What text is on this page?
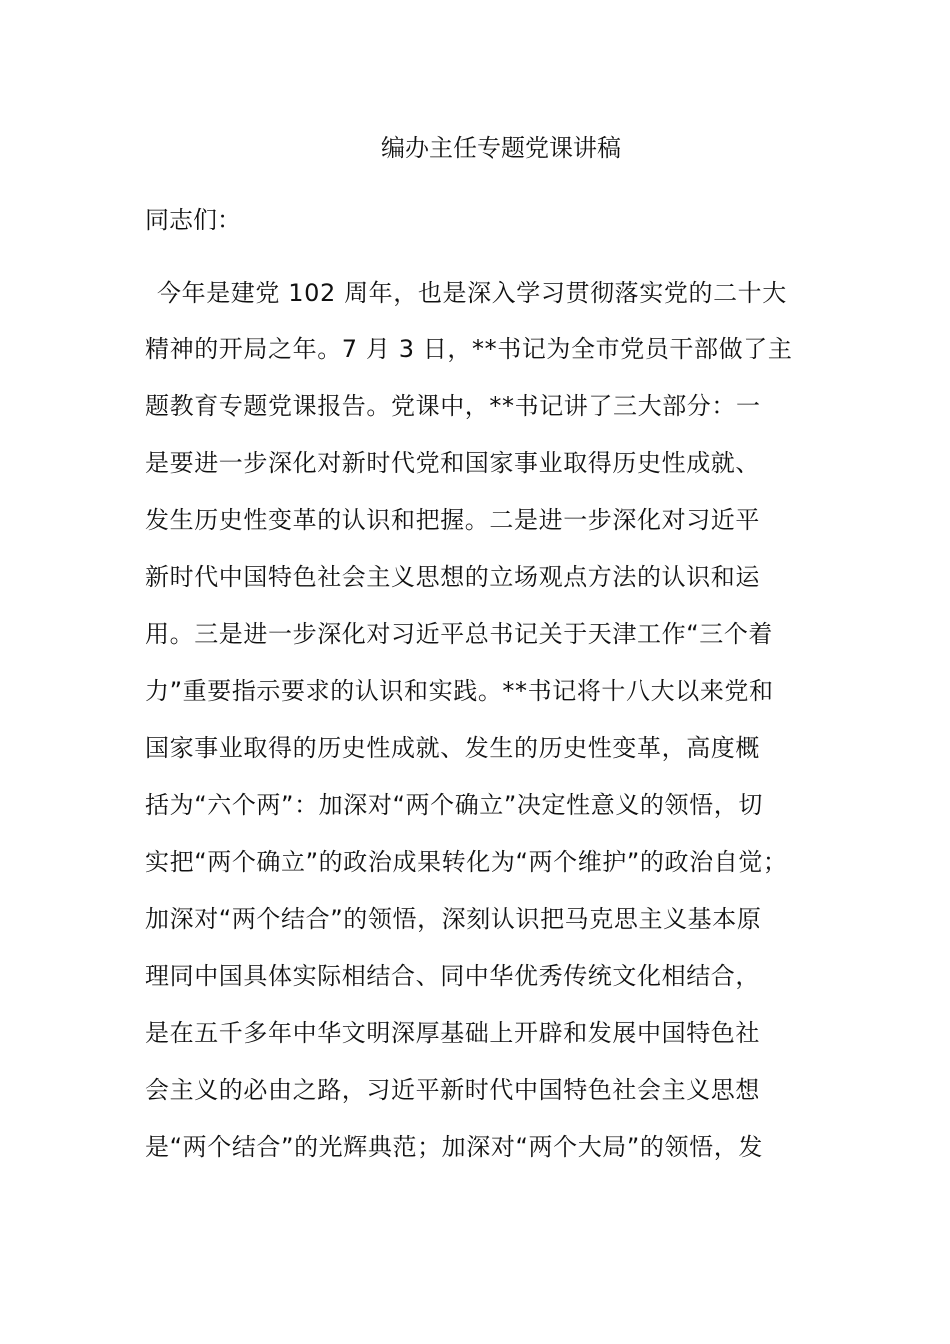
编办主任专题党课讲稿
同志们：
今年是建党 102 周年，也是深入学习贯彻落实党的二十大
精神的开局之年。7 月 3 日，**书记为全市党员干部做了主
题教育专题党课报告。党课中，**书记讲了三大部分：一
是要进一步深化对新时代党和国家事业取得历史性成就、
发生历史性变革的认识和把握。二是进一步深化对习近平
新时代中国特色社会主义思想的立场观点方法的认识和运
用。三是进一步深化对习近平总书记关于天津工作“三个着
力”重要指示要求的认识和实践。**书记将十八大以来党和
国家事业取得的历史性成就、发生的历史性变革，高度概
括为“六个两”：加深对“两个确立”决定性意义的领悟，切
实把“两个确立”的政治成果转化为“两个维护”的政治自觉；
加深对“两个结合”的领悟，深刻认识把马克思主义基本原
理同中国具体实际相结合、同中华优秀传统文化相结合，
是在五千多年中华文明深厚基础上开辟和发展中国特色社
会主义的必由之路，习近平新时代中国特色社会主义思想
是“两个结合”的光辉典范；加深对“两个大局”的领悟，发
